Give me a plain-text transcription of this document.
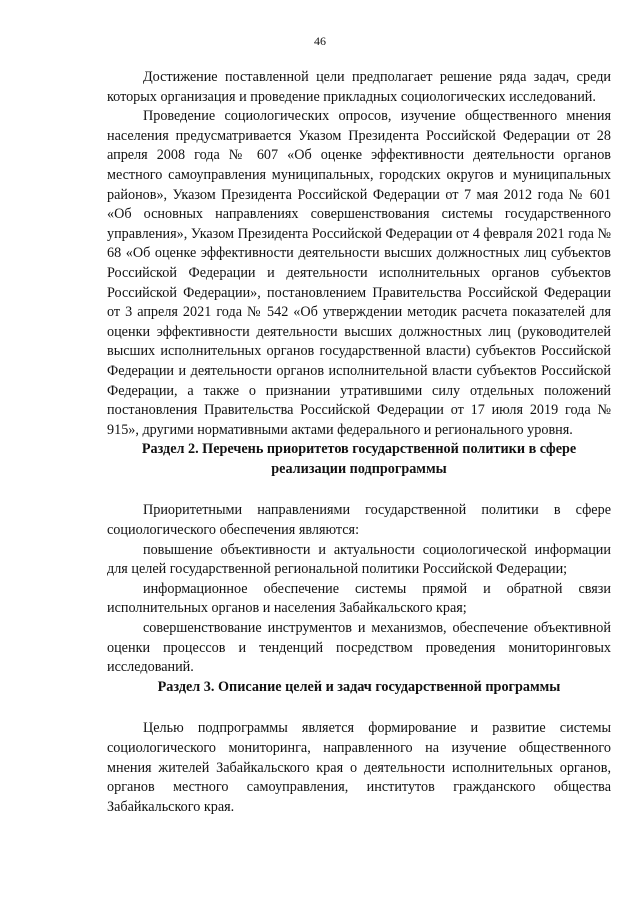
46

Достижение поставленной цели предполагает решение ряда задач, среди которых организация и проведение прикладных социологических исследований.

Проведение социологических опросов, изучение общественного мнения населения предусматривается Указом Президента Российской Федерации от 28 апреля 2008 года № 607 «Об оценке эффективности деятельности органов местного самоуправления муниципальных, городских округов и муниципальных районов», Указом Президента Российской Федерации от 7 мая 2012 года № 601 «Об основных направлениях совершенствования системы государственного управления», Указом Президента Российской Федерации от 4 февраля 2021 года № 68 «Об оценке эффективности деятельности высших должностных лиц субъектов Российской Федерации и деятельности исполнительных органов субъектов Российской Федерации», постановлением Правительства Российской Федерации от 3 апреля 2021 года № 542 «Об утверждении методик расчета показателей для оценки эффективности деятельности высших должностных лиц (руководителей высших исполнительных органов государственной власти) субъектов Российской Федерации и деятельности органов исполнительной власти субъектов Российской Федерации, а также о признании утратившими силу отдельных положений постановления Правительства Российской Федерации от 17 июля 2019 года № 915», другими нормативными актами федерального и регионального уровня.

Раздел 2. Перечень приоритетов государственной политики в сфере реализации подпрограммы

Приоритетными направлениями государственной политики в сфере социологического обеспечения являются:

повышение объективности и актуальности социологической информации для целей государственной региональной политики Российской Федерации;

информационное обеспечение системы прямой и обратной связи исполнительных органов и населения Забайкальского края;

совершенствование инструментов и механизмов, обеспечение объективной оценки процессов и тенденций посредством проведения мониторинговых исследований.

Раздел 3. Описание целей и задач государственной программы

Целью подпрограммы является формирование и развитие системы социологического мониторинга, направленного на изучение общественного мнения жителей Забайкальского края о деятельности исполнительных органов, органов местного самоуправления, институтов гражданского общества Забайкальского края.
